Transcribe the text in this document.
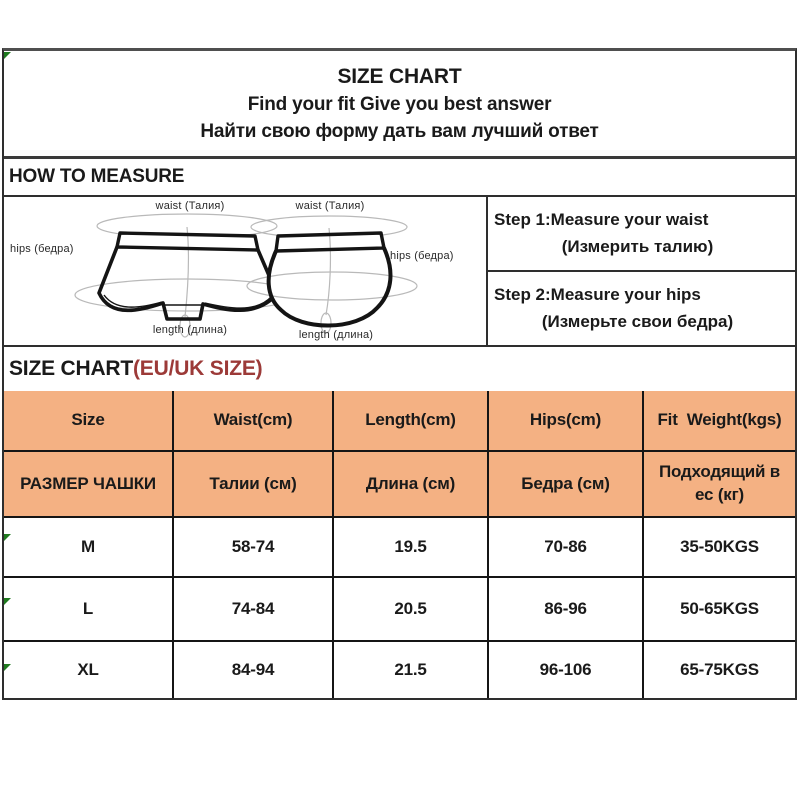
SIZE CHART
Find your fit Give you best answer
Найти свою форму дать вам лучший ответ
HOW TO MEASURE
waist (Талия)
hips (бедра)
length (длина)
waist (Талия)
hips (бедра)
length (длина)
Step 1:Measure your waist
(Измерить талию)
Step 2:Measure your hips
(Измерьте свои бедра)
SIZE CHART (EU/UK SIZE)
Size	Waist(cm)	Length(cm)	Hips(cm)	Fit  Weight(kgs)
РАЗМЕР ЧАШКИ	Талии (см)	Длина (см)	Бедра (см)	Подходящий в ес (кг)
M	58-74	19.5	70-86	35-50KGS
L	74-84	20.5	86-96	50-65KGS
XL	84-94	21.5	96-106	65-75KGS
